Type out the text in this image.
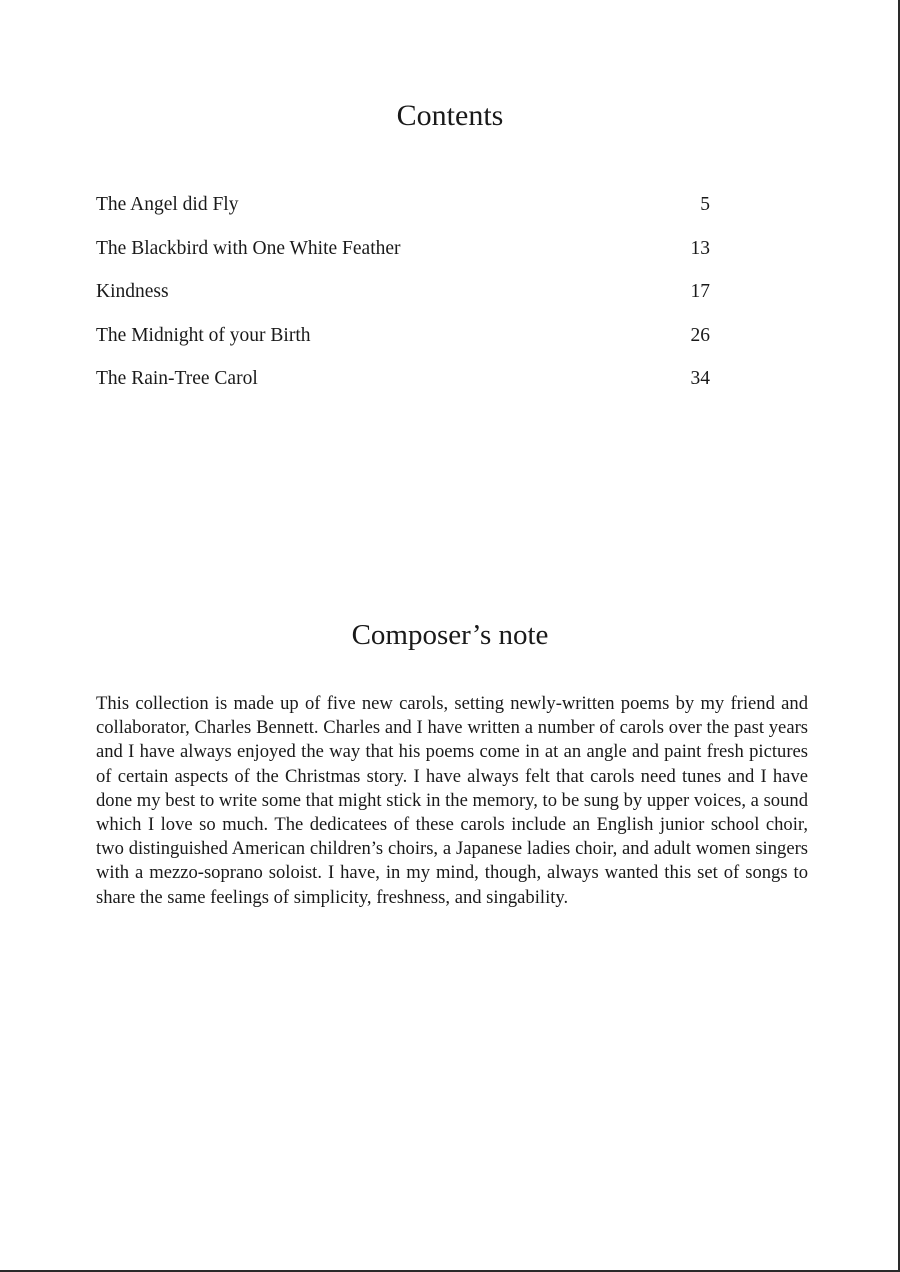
Contents
The Angel did Fly	5
The Blackbird with One White Feather	13
Kindness	17
The Midnight of your Birth	26
The Rain-Tree Carol	34
Composer’s note

This collection is made up of five new carols, setting newly-written poems by my friend and collaborator, Charles Bennett. Charles and I have written a number of carols over the past years and I have always enjoyed the way that his poems come in at an angle and paint fresh pictures of certain aspects of the Christmas story. I have always felt that carols need tunes and I have done my best to write some that might stick in the memory, to be sung by upper voices, a sound which I love so much. The dedicatees of these carols include an English junior school choir, two distinguished American children’s choirs, a Japanese ladies choir, and adult women singers with a mezzo-soprano soloist. I have, in my mind, though, always wanted this set of songs to share the same feelings of simplicity, freshness, and singability.
